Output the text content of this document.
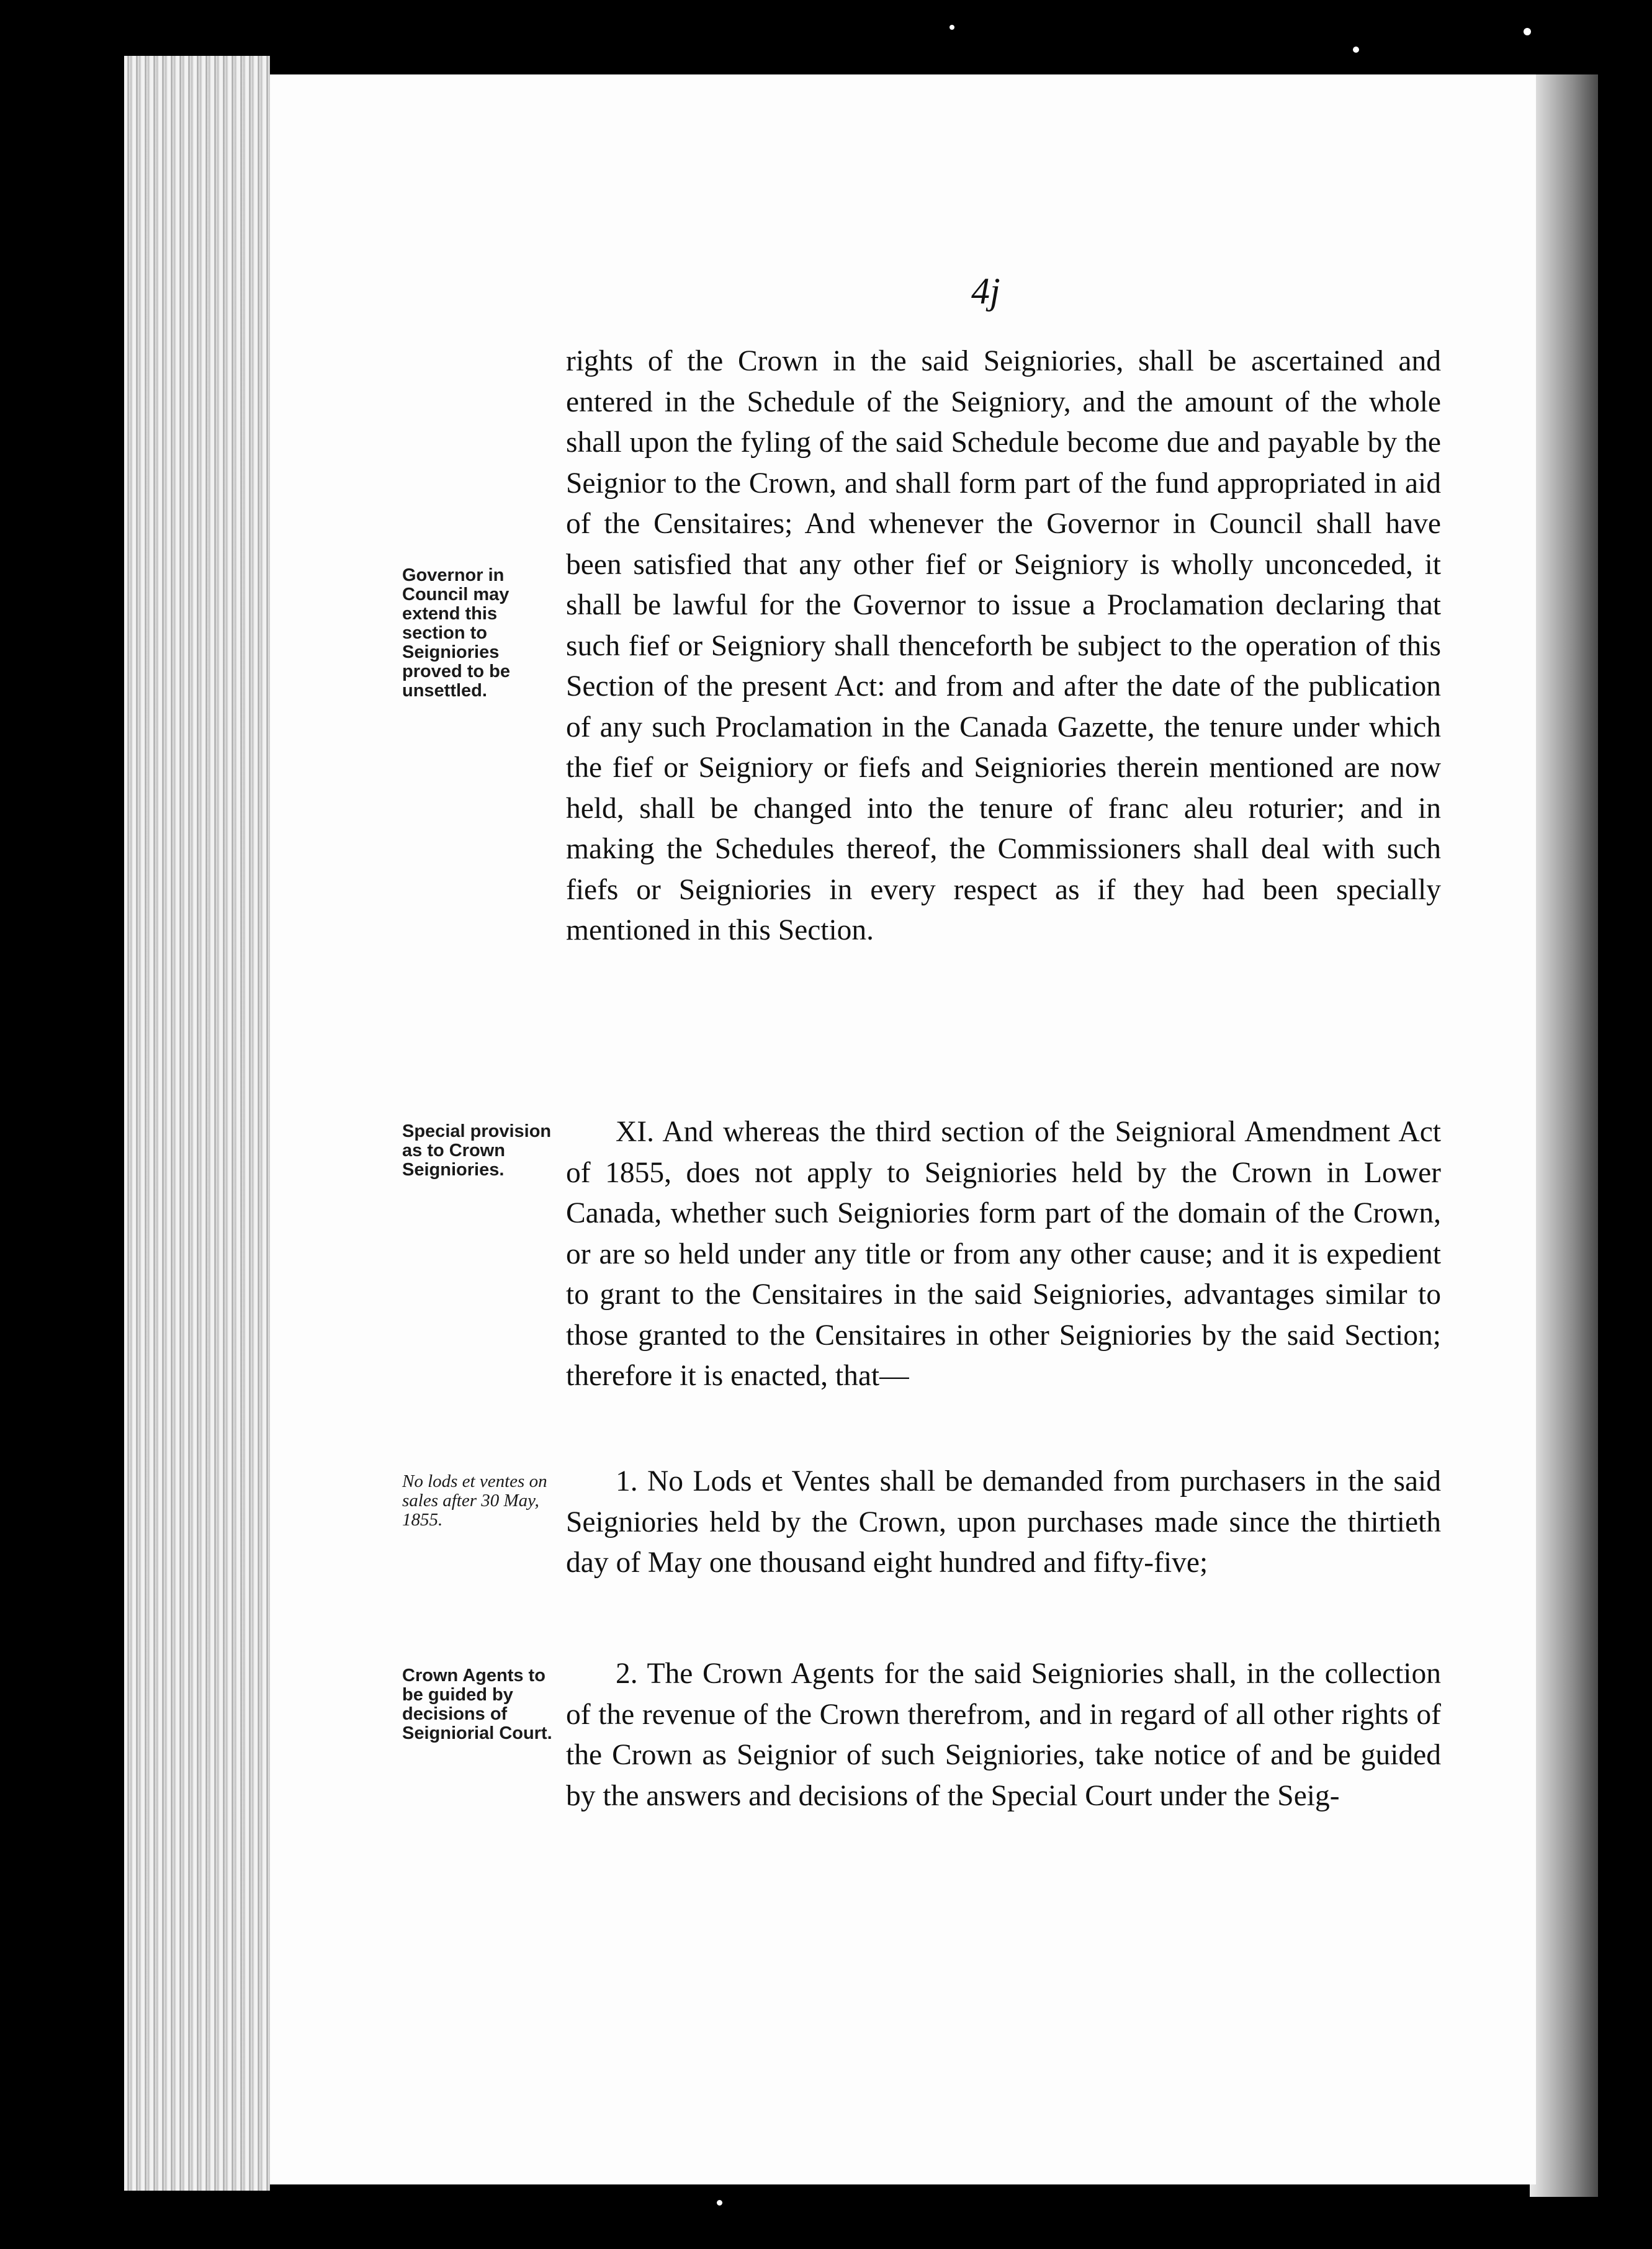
4j
Governor in Council may extend this section to Seigniories proved to be unsettled.
Special provision as to Crown Seigniories.
No lods et ventes on sales after 30 May, 1855.
Crown Agents to be guided by decisions of Seigniorial Court.

rights of the Crown in the said Seigniories, shall be ascertained and entered in the Schedule of the Seigniory, and the amount of the whole shall upon the fyling of the said Schedule become due and payable by the Seignior to the Crown, and shall form part of the fund appropriated in aid of the Censitaires; And whenever the Governor in Council shall have been satisfied that any other fief or Seigniory is wholly unconceded, it shall be lawful for the Governor to issue a Proclamation declaring that such fief or Seigniory shall thenceforth be subject to the operation of this Section of the present Act: and from and after the date of the publication of any such Proclamation in the Canada Gazette, the tenure under which the fief or Seigniory or fiefs and Seigniories therein mentioned are now held, shall be changed into the tenure of franc aleu roturier; and in making the Schedules thereof, the Commissioners shall deal with such fiefs or Seigniories in every respect as if they had been specially mentioned in this Section.

XI. And whereas the third section of the Seignioral Amendment Act of 1855, does not apply to Seigniories held by the Crown in Lower Canada, whether such Seigniories form part of the domain of the Crown, or are so held under any title or from any other cause; and it is expedient to grant to the Censitaires in the said Seigniories, advantages similar to those granted to the Censitaires in other Seigniories by the said Section; therefore it is enacted, that—

1. No Lods et Ventes shall be demanded from purchasers in the said Seigniories held by the Crown, upon purchases made since the thirtieth day of May one thousand eight hundred and fifty-five;

2. The Crown Agents for the said Seigniories shall, in the collection of the revenue of the Crown therefrom, and in regard of all other rights of the Crown as Seignior of such Seigniories, take notice of and be guided by the answers and decisions of the Special Court under the Seig-
